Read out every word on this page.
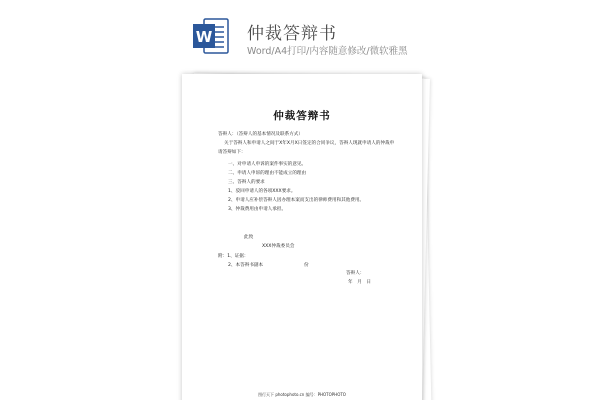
W 仲裁答辩书
Word/A4打印/内容随意修改/微软雅黑
仲裁答辩书
答辩人：（答辩人的基本情况及联系方式）
关于答辩人和申请人之间于X年X月X日签定的合同争议，答辩人现就申请人的仲裁申
请答辩如下：
一、对申请人申诉的案件事实的意见。
二、申请人申诉的理由不能成立的理由
三、答辩人的要求
1、驳回申请人的各项XXX要求。
2、申请人应补偿答辩人因办理本案而支出的律师费用和其他费用。
3、仲裁费用由申请人承担。
此致
XXX仲裁委员会
附：1、证据：
2、本答辩书副本	份
答辩人：
年　月　日
图行天下 photophoto.cn 编号：PHOTOPHOTO
